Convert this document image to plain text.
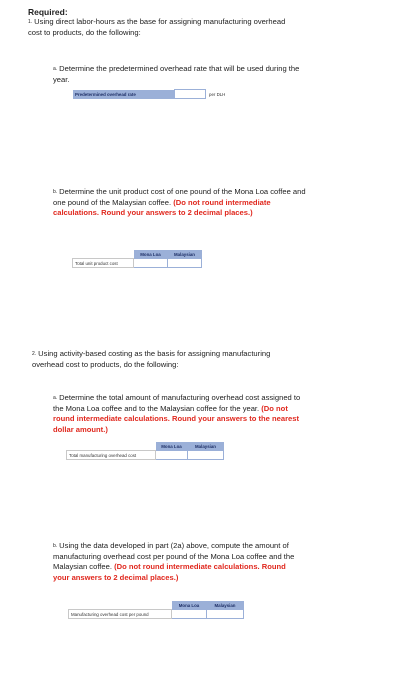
Required:
$^{1.}$ Using direct labor-hours as the base for assigning manufacturing overhead cost to products, do the following:
$^{a.}$ Determine the predetermined overhead rate that will be used during the year.
Predetermined overhead rate		per DLH
$^{b.}$ Determine the unit product cost of one pound of the Mona Loa coffee and one pound of the Malaysian coffee. (Do not round intermediate calculations. Round your answers to 2 decimal places.)
	Mona Loa	Malaysian
Total unit product cost		
$^{2.}$ Using activity-based costing as the basis for assigning manufacturing overhead cost to products, do the following:
$^{a.}$ Determine the total amount of manufacturing overhead cost assigned to the Mona Loa coffee and to the Malaysian coffee for the year. (Do not round intermediate calculations. Round your answers to the nearest dollar amount.)
	Mona Loa	Malaysian
Total manufacturing overhead cost		
$^{b.}$ Using the data developed in part (2a) above, compute the amount of manufacturing overhead cost per pound of the Mona Loa coffee and the Malaysian coffee. (Do not round intermediate calculations. Round your answers to 2 decimal places.)
	Mona Loa	Malaysian
Manufacturing overhead cost per pound		
